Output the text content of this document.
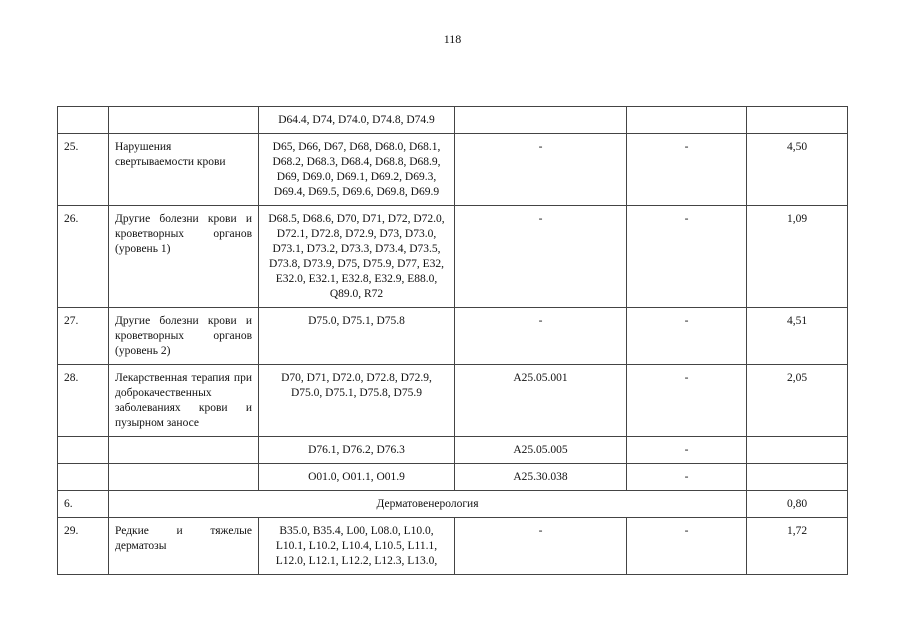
118
		D64.4, D74, D74.0, D74.8, D74.9			
25.	Нарушения свертываемости крови	D65, D66, D67, D68, D68.0, D68.1, D68.2, D68.3, D68.4, D68.8, D68.9, D69, D69.0, D69.1, D69.2, D69.3, D69.4, D69.5, D69.6, D69.8, D69.9	-	-	4,50
26.	Другие болезни крови и кроветворных органов (уровень 1)	D68.5, D68.6, D70, D71, D72, D72.0, D72.1, D72.8, D72.9, D73, D73.0, D73.1, D73.2, D73.3, D73.4, D73.5, D73.8, D73.9, D75, D75.9, D77, E32, E32.0, E32.1, E32.8, E32.9, E88.0, Q89.0, R72	-	-	1,09
27.	Другие болезни крови и кроветворных органов (уровень 2)	D75.0, D75.1, D75.8	-	-	4,51
28.	Лекарственная терапия при доброкачественных заболеваниях крови и пузырном заносе	D70, D71, D72.0, D72.8, D72.9, D75.0, D75.1, D75.8, D75.9	A25.05.001	-	2,05
		D76.1, D76.2, D76.3	A25.05.005	-	
		O01.0, O01.1, O01.9	A25.30.038	-	
6.	Дерматовенерология				0,80
29.	Редкие и тяжелые дерматозы	B35.0, B35.4, L00, L08.0, L10.0, L10.1, L10.2, L10.4, L10.5, L11.1, L12.0, L12.1, L12.2, L12.3, L13.0,	-	-	1,72
